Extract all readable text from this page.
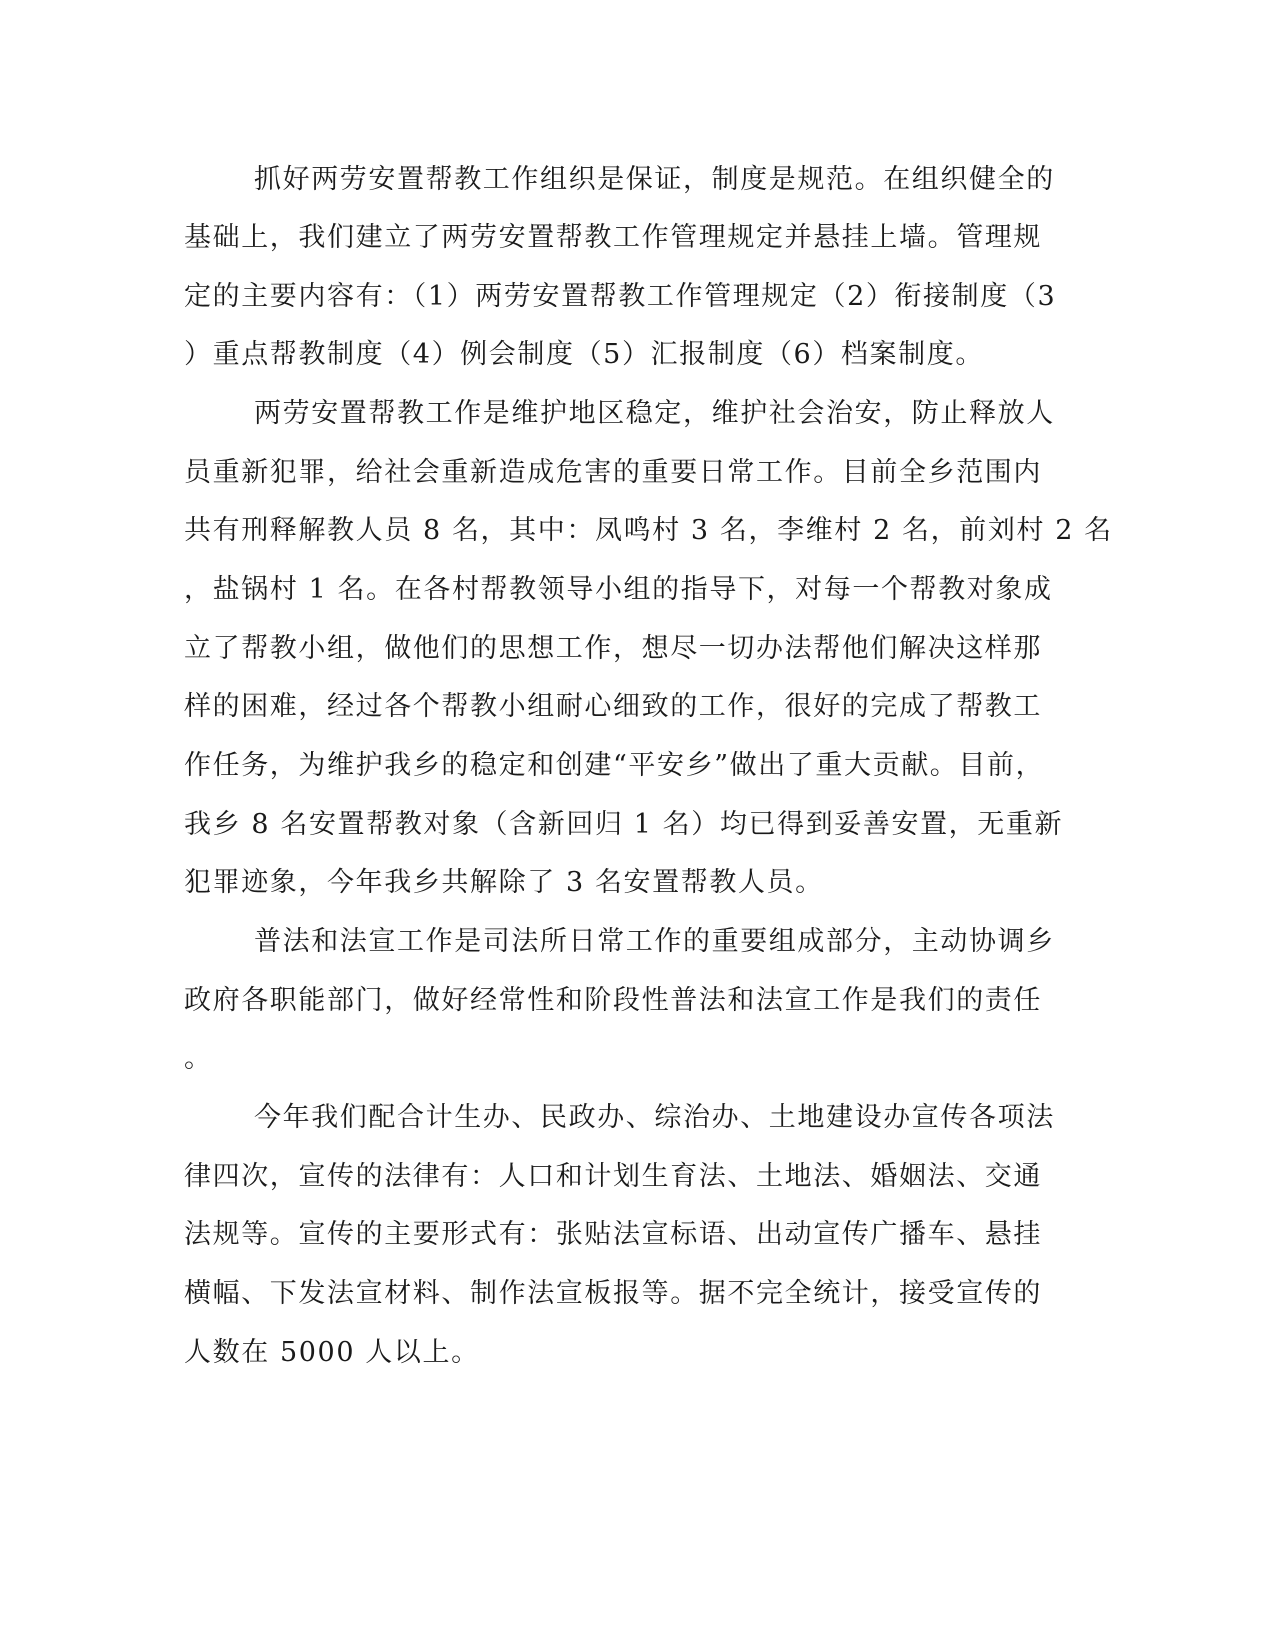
抓好两劳安置帮教工作组织是保证，制度是规范。在组织健全的
基础上，我们建立了两劳安置帮教工作管理规定并悬挂上墙。管理规
定的主要内容有：（1）两劳安置帮教工作管理规定（2）衔接制度（3
）重点帮教制度（4）例会制度（5）汇报制度（6）档案制度。
两劳安置帮教工作是维护地区稳定，维护社会治安，防止释放人
员重新犯罪，给社会重新造成危害的重要日常工作。目前全乡范围内
共有刑释解教人员 8 名，其中：凤鸣村 3 名，李维村 2 名，前刘村 2 名
，盐锅村 1 名。在各村帮教领导小组的指导下，对每一个帮教对象成
立了帮教小组，做他们的思想工作，想尽一切办法帮他们解决这样那
样的困难，经过各个帮教小组耐心细致的工作，很好的完成了帮教工
作任务，为维护我乡的稳定和创建“平安乡”做出了重大贡献。目前，
我乡 8 名安置帮教对象（含新回归 1 名）均已得到妥善安置，无重新
犯罪迹象，今年我乡共解除了 3 名安置帮教人员。
普法和法宣工作是司法所日常工作的重要组成部分，主动协调乡
政府各职能部门，做好经常性和阶段性普法和法宣工作是我们的责任
。
今年我们配合计生办、民政办、综治办、土地建设办宣传各项法
律四次，宣传的法律有：人口和计划生育法、土地法、婚姻法、交通
法规等。宣传的主要形式有：张贴法宣标语、出动宣传广播车、悬挂
横幅、下发法宣材料、制作法宣板报等。据不完全统计，接受宣传的
人数在 5000 人以上。
